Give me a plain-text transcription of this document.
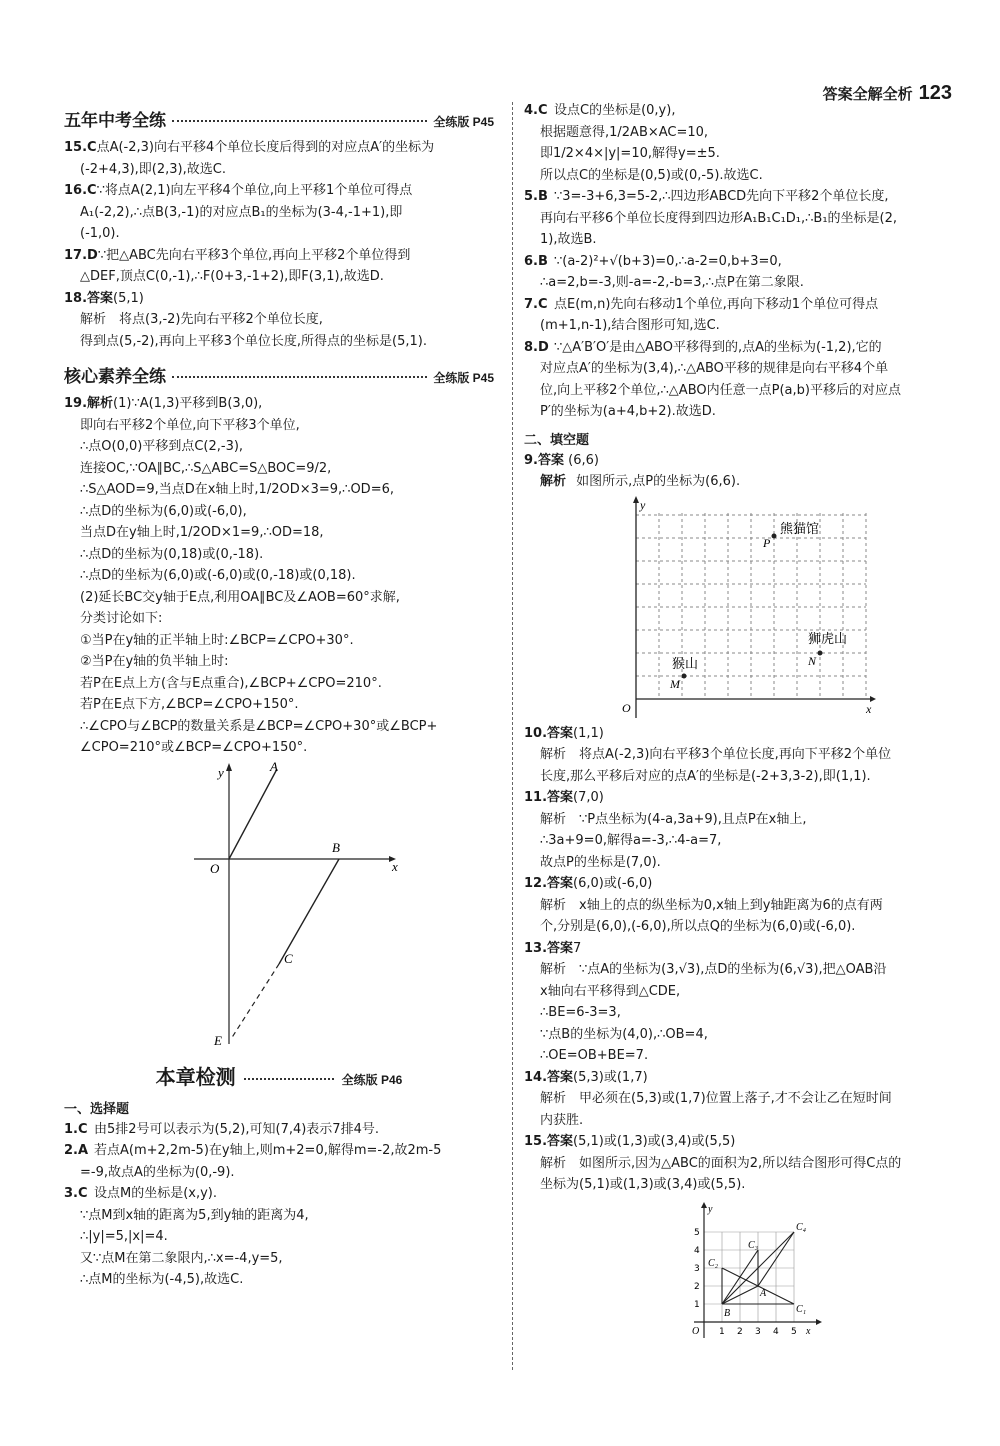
答案全解全析 123
五年中考全练	全练版 P45
15.C点A(-2,3)向右平移4个单位长度后得到的对应点A′的坐标为
(-2+4,3),即(2,3),故选C.
16.C∵将点A(2,1)向左平移4个单位,向上平移1个单位可得点
A₁(-2,2),∴点B(3,-1)的对应点B₁的坐标为(3-4,-1+1),即
(-1,0).
17.D∵把△ABC先向右平移3个单位,再向上平移2个单位得到
△DEF,顶点C(0,-1),∴F(0+3,-1+2),即F(3,1),故选D.
18.答案(5,1)
解析　将点(3,-2)先向右平移2个单位长度,
得到点(5,-2),再向上平移3个单位长度,所得点的坐标是(5,1).
核心素养全练	全练版 P45
19.解析(1)∵A(1,3)平移到B(3,0),
即向右平移2个单位,向下平移3个单位,
∴点O(0,0)平移到点C(2,-3),
连接OC,∵OA∥BC,∴S△ABC=S△BOC=9/2,
∴S△AOD=9,当点D在x轴上时,1/2OD×3=9,∴OD=6,
∴点D的坐标为(6,0)或(-6,0),
当点D在y轴上时,1/2OD×1=9,∴OD=18,
∴点D的坐标为(0,18)或(0,-18).
∴点D的坐标为(6,0)或(-6,0)或(0,-18)或(0,18).
(2)延长BC交y轴于E点,利用OA∥BC及∠AOB=60°求解,
分类讨论如下:
①当P在y轴的正半轴上时:∠BCP=∠CPO+30°.
②当P在y轴的负半轴上时:
若P在E点上方(含与E点重合),∠BCP+∠CPO=210°.
若P在E点下方,∠BCP=∠CPO+150°.
∴∠CPO与∠BCP的数量关系是∠BCP=∠CPO+30°或∠BCP+
∠CPO=210°或∠BCP=∠CPO+150°.
y	A
O
B
x
C
E
本章检测	全练版 P46
一、选择题
1.C 由5排2号可以表示为(5,2),可知(7,4)表示7排4号.
2.A 若点A(m+2,2m-5)在y轴上,则m+2=0,解得m=-2,故2m-5
=-9,故点A的坐标为(0,-9).
3.C 设点M的坐标是(x,y).
∵点M到x轴的距离为5,到y轴的距离为4,
∴|y|=5,|x|=4.
又∵点M在第二象限内,∴x=-4,y=5,
∴点M的坐标为(-4,5),故选C.
4.C 设点C的坐标是(0,y),
根据题意得,1/2AB×AC=10,
即1/2×4×|y|=10,解得y=±5.
所以点C的坐标是(0,5)或(0,-5).故选C.
5.B ∵3=-3+6,3=5-2,∴四边形ABCD先向下平移2个单位长度,
再向右平移6个单位长度得到四边形A₁B₁C₁D₁,∴B₁的坐标是(2,
1),故选B.
6.B ∵(a-2)²+√(b+3)=0,∴a-2=0,b+3=0,
∴a=2,b=-3,则-a=-2,-b=3,∴点P在第二象限.
7.C 点E(m,n)先向右移动1个单位,再向下移动1个单位可得点
(m+1,n-1),结合图形可知,选C.
8.D ∵△A′B′O′是由△ABO平移得到的,点A的坐标为(-1,2),它的
对应点A′的坐标为(3,4),∴△ABO平移的规律是向右平移4个单
位,向上平移2个单位,∴△ABO内任意一点P(a,b)平移后的对应点
P′的坐标为(a+4,b+2).故选D.
二、填空题
9.答案 (6,6)
解析 如图所示,点P的坐标为(6,6).
y
x
O
P
熊猫馆
N
狮虎山
M
猴山
10.答案(1,1)
解析　将点A(-2,3)向右平移3个单位长度,再向下平移2个单位
长度,那么平移后对应的点A′的坐标是(-2+3,3-2),即(1,1).
11.答案(7,0)
解析　∵P点坐标为(4-a,3a+9),且点P在x轴上,
∴3a+9=0,解得a=-3,∴4-a=7,
故点P的坐标是(7,0).
12.答案(6,0)或(-6,0)
解析　x轴上的点的纵坐标为0,x轴上到y轴距离为6的点有两
个,分别是(6,0),(-6,0),所以点Q的坐标为(6,0)或(-6,0).
13.答案7
解析　∵点A的坐标为(3,√3),点D的坐标为(6,√3),把△OAB沿
x轴向右平移得到△CDE,
∴BE=6-3=3,
∵点B的坐标为(4,0),∴OB=4,
∴OE=OB+BE=7.
14.答案(5,3)或(1,7)
解析　甲必须在(5,3)或(1,7)位置上落子,才不会让乙在短时间
内获胜.
15.答案(5,1)或(1,3)或(3,4)或(5,5)
解析　如图所示,因为△ABC的面积为2,所以结合图形可得C点的
坐标为(5,1)或(1,3)或(3,4)或(5,5).
B
A
C₁
C₂
C₃
C₄
y
x
O 1 2 3 4 5
1
2
3
4
5
